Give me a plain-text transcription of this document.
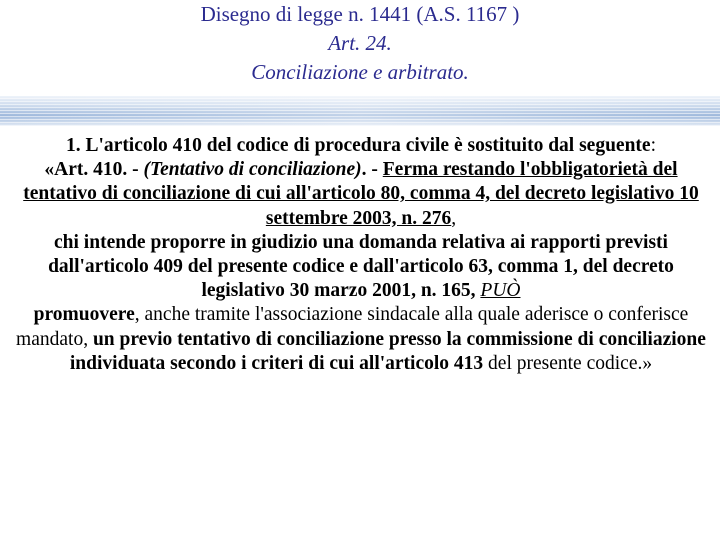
Disegno di legge n. 1441 (A.S. 1167 )
Art. 24.
Conciliazione e arbitrato.

1. L'articolo 410 del codice di procedura civile è sostituito dal seguente:

«Art. 410. - (Tentativo di conciliazione). - Ferma restando l'obbligatorietà del tentativo di conciliazione di cui all'articolo 80, comma 4, del decreto legislativo 10 settembre 2003, n. 276,

chi intende proporre in giudizio una domanda relativa ai rapporti previsti dall'articolo 409 del presente codice e dall'articolo 63, comma 1, del decreto legislativo 30 marzo 2001, n. 165, PUÒ

promuovere, anche tramite l'associazione sindacale alla quale aderisce o conferisce mandato, un previo tentativo di conciliazione presso la commissione di conciliazione individuata secondo i criteri di cui all'articolo 413 del presente codice.»
